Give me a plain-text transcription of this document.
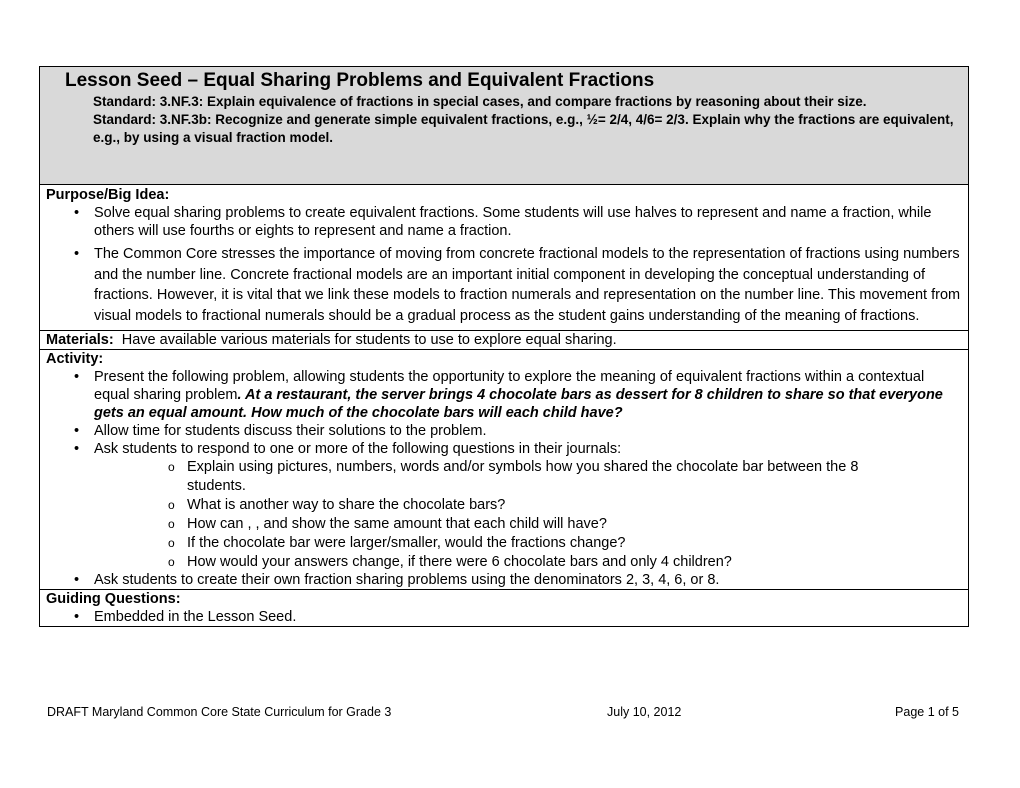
Lesson Seed – Equal Sharing Problems and Equivalent Fractions

Standard: 3.NF.3: Explain equivalence of fractions in special cases, and compare fractions by reasoning about their size.
Standard: 3.NF.3b: Recognize and generate simple equivalent fractions, e.g., ½= 2/4, 4/6= 2/3. Explain why the fractions are equivalent, e.g., by using a visual fraction model.
Purpose/Big Idea:
• Solve equal sharing problems to create equivalent fractions. Some students will use halves to represent and name a fraction, while others will use fourths or eights to represent and name a fraction.
• The Common Core stresses the importance of moving from concrete fractional models to the representation of fractions using numbers and the number line. Concrete fractional models are an important initial component in developing the conceptual understanding of fractions. However, it is vital that we link these models to fraction numerals and representation on the number line. This movement from visual models to fractional numerals should be a gradual process as the student gains understanding of the meaning of fractions.
Materials:  Have available various materials for students to use to explore equal sharing.
Activity:
• Present the following problem, allowing students the opportunity to explore the meaning of equivalent fractions within a contextual equal sharing problem. At a restaurant, the server brings 4 chocolate bars as dessert for 8 children to share so that everyone gets an equal amount. How much of the chocolate bars will each child have?
• Allow time for students discuss their solutions to the problem.
• Ask students to respond to one or more of the following questions in their journals:
o Explain using pictures, numbers, words and/or symbols how you shared the chocolate bar between the 8 students.
o What is another way to share the chocolate bars?
o How can , , and show the same amount that each child will have?
o If the chocolate bar were larger/smaller, would the fractions change?
o How would your answers change, if there were 6 chocolate bars and only 4 children?
• Ask students to create their own fraction sharing problems using the denominators 2, 3, 4, 6, or 8.
Guiding Questions:
• Embedded in the Lesson Seed.
DRAFT Maryland Common Core State Curriculum for Grade 3	July 10, 2012	Page 1 of 5
